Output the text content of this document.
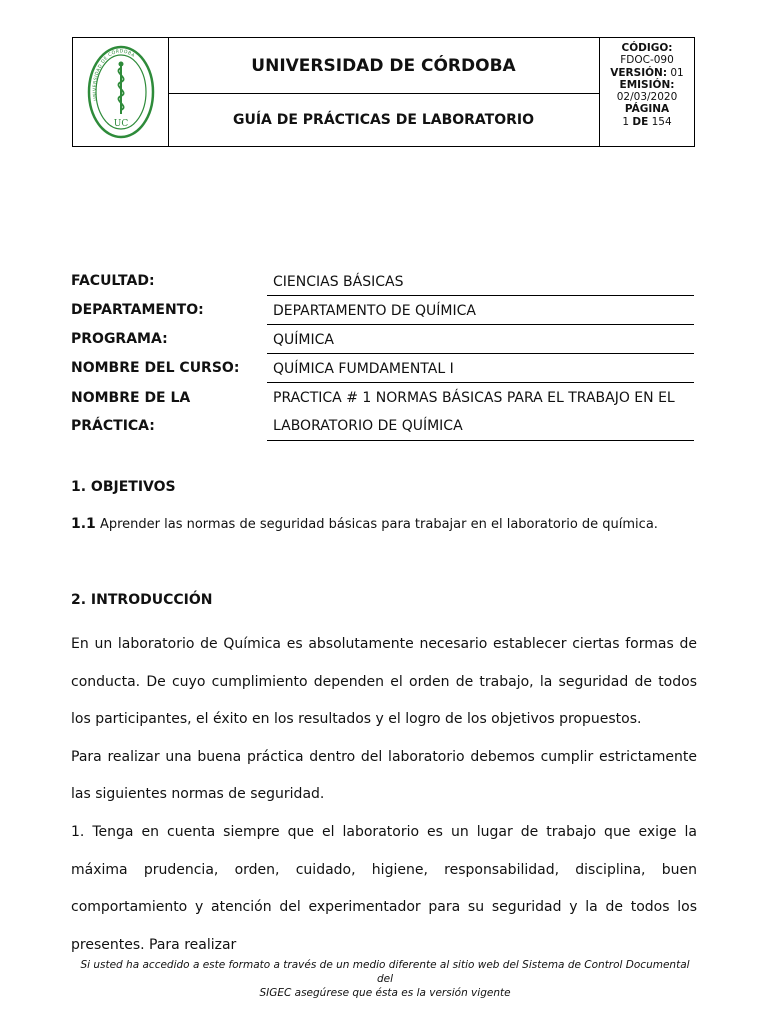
UC
UNIVERSIDAD DE CÓRDOBA	UNIVERSIDAD DE CÓRDOBA
GUÍA DE PRÁCTICAS DE LABORATORIO
CÓDIGO:
FDOC-090
VERSIÓN: 01
EMISIÓN:
02/03/2020
PÁGINA
1 DE 154
FACULTAD:	CIENCIAS BÁSICAS
DEPARTAMENTO:	DEPARTAMENTO DE QUÍMICA
PROGRAMA:	QUÍMICA
NOMBRE DEL CURSO:	QUÍMICA FUMDAMENTAL I
NOMBRE DE LA
PRÁCTICA:
PRACTICA # 1 NORMAS BÁSICAS PARA EL TRABAJO EN EL
LABORATORIO DE QUÍMICA
1. OBJETIVOS
1.1 Aprender las normas de seguridad básicas para trabajar en el laboratorio de química.
2. INTRODUCCIÓN

En un laboratorio de Química es absolutamente necesario establecer ciertas formas de conducta. De cuyo cumplimiento dependen el orden de trabajo, la seguridad de todos los participantes, el éxito en los resultados y el logro de los objetivos propuestos.

Para realizar una buena práctica dentro del laboratorio debemos cumplir estrictamente las siguientes normas de seguridad.

1. Tenga en cuenta siempre que el laboratorio es un lugar de trabajo que exige la máxima prudencia, orden, cuidado, higiene, responsabilidad, disciplina, buen comportamiento y atención del experimentador para su seguridad y la de todos los presentes. Para realizar

Si usted ha accedido a este formato a través de un medio diferente al sitio web del Sistema de Control Documental del
SIGEC asegúrese que ésta es la versión vigente
